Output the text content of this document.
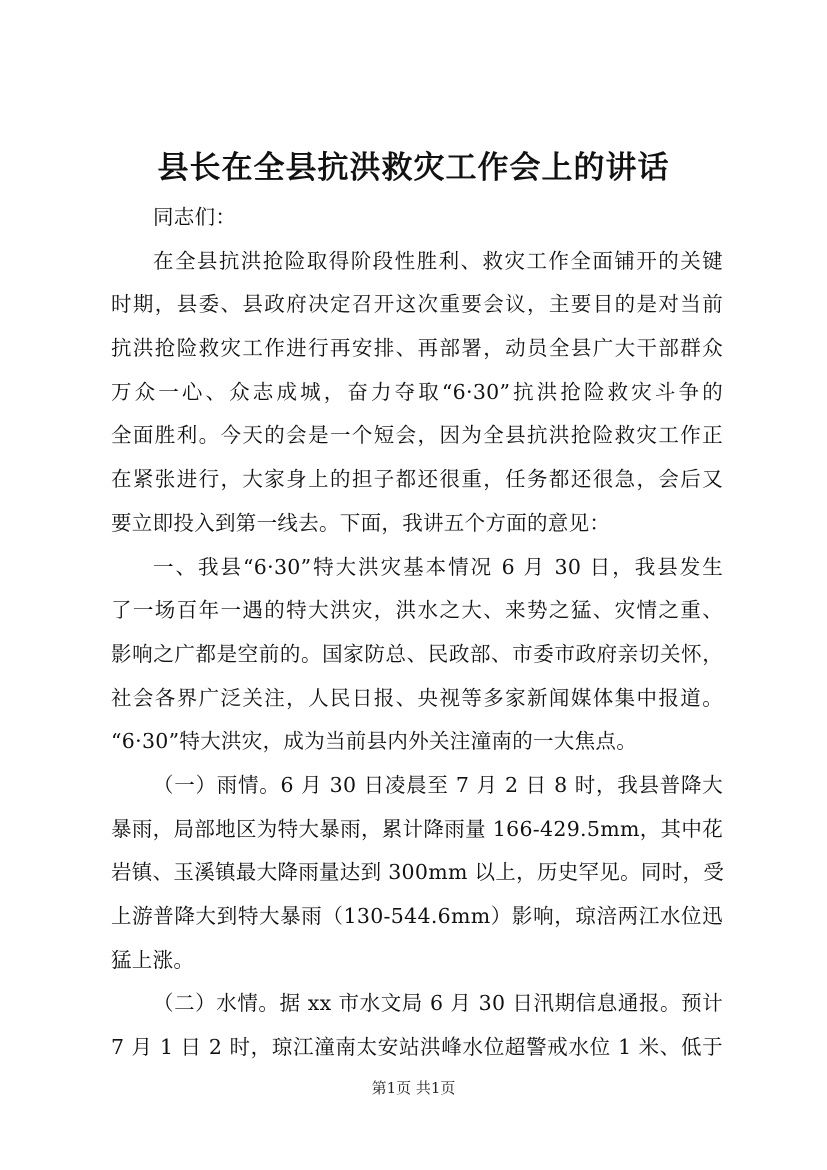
县长在全县抗洪救灾工作会上的讲话
同志们：
在全县抗洪抢险取得阶段性胜利、救灾工作全面铺开的关键
时期，县委、县政府决定召开这次重要会议，主要目的是对当前
抗洪抢险救灾工作进行再安排、再部署，动员全县广大干部群众
万众一心、众志成城，奋力夺取“6·30”抗洪抢险救灾斗争的
全面胜利。今天的会是一个短会，因为全县抗洪抢险救灾工作正
在紧张进行，大家身上的担子都还很重，任务都还很急，会后又
要立即投入到第一线去。下面，我讲五个方面的意见：
一、我县“6·30”特大洪灾基本情况 6 月 30 日，我县发生
了一场百年一遇的特大洪灾，洪水之大、来势之猛、灾情之重、
影响之广都是空前的。国家防总、民政部、市委市政府亲切关怀，
社会各界广泛关注，人民日报、央视等多家新闻媒体集中报道。
“6·30”特大洪灾，成为当前县内外关注潼南的一大焦点。
（一）雨情。6 月 30 日凌晨至 7 月 2 日 8 时，我县普降大
暴雨，局部地区为特大暴雨，累计降雨量 166-429.5mm，其中花
岩镇、玉溪镇最大降雨量达到 300mm 以上，历史罕见。同时，受
上游普降大到特大暴雨（130-544.6mm）影响，琼涪两江水位迅
猛上涨。
（二）水情。据 xx 市水文局 6 月 30 日汛期信息通报。预计
7 月 1 日 2 时，琼江潼南太安站洪峰水位超警戒水位 1 米、低于
第1页 共1页
